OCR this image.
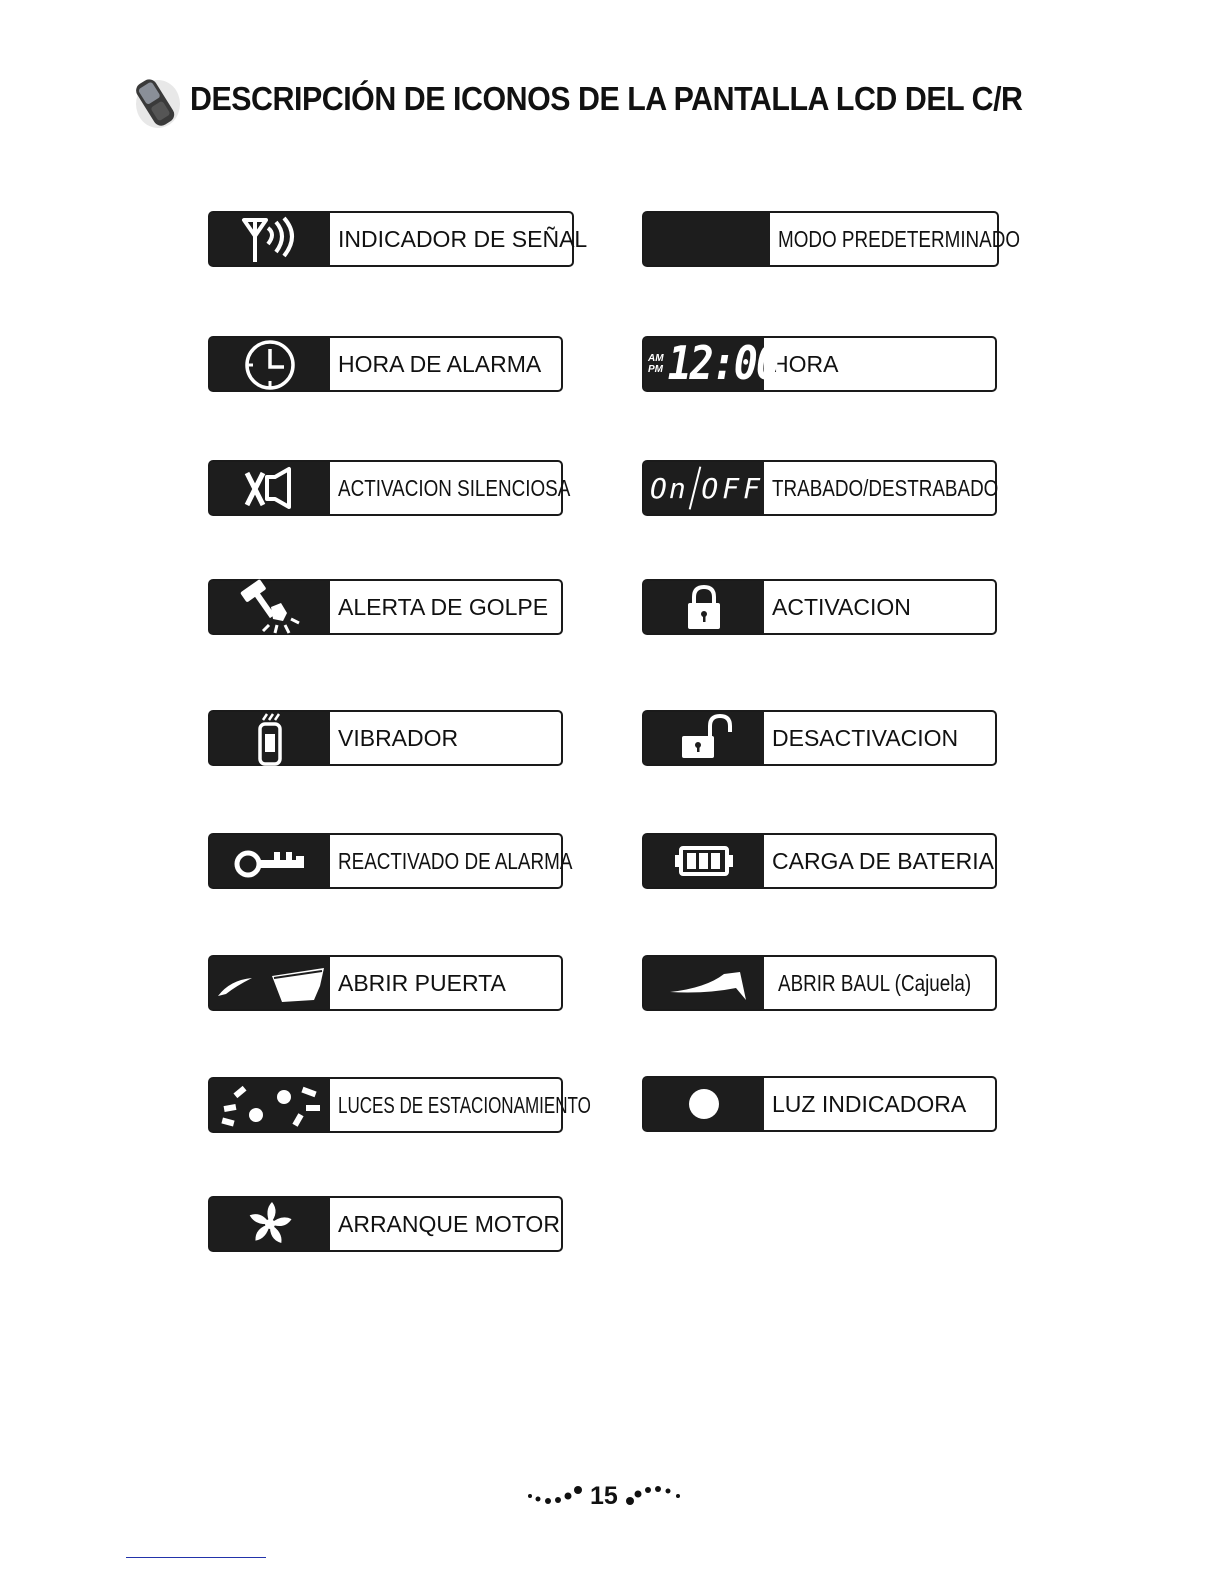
DESCRIPCIÓN DE ICONOS DE LA PANTALLA LCD DEL C/R
INDICADOR DE SEÑAL
HORA DE ALARMA
ACTIVACION SILENCIOSA
ALERTA DE GOLPE
VIBRADOR
REACTIVADO DE ALARMA
ABRIR PUERTA
LUCES DE ESTACIONAMIENTO
ARRANQUE MOTOR
MODO PREDETERMINADO
AM
PM 12:00
HORA
On OFF TRABADO/DESTRABADO
ACTIVACION
DESACTIVACION
CARGA DE BATERIA
ABRIR BAUL (Cajuela)
LUZ INDICADORA
15
